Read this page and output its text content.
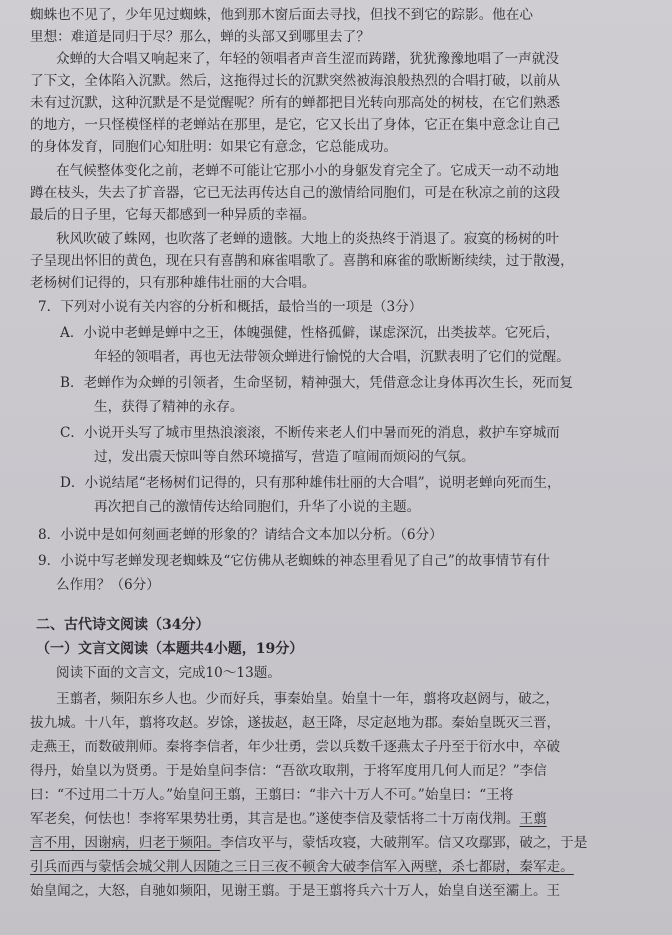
蜘蛛也不见了，少年见过蜘蛛，他到那木窗后面去寻找，但找不到它的踪影。他在心
里想：难道是同归于尽？那么，蝉的头部又到哪里去了？
众蝉的大合唱又响起来了，年轻的领唱者声音生涩而踌躇，犹犹豫豫地唱了一声就没
了下文，全体陷入沉默。然后，这拖得过长的沉默突然被海浪般热烈的合唱打破，以前从
未有过沉默，这种沉默是不是觉醒呢？所有的蝉都把目光转向那高处的树枝，在它们熟悉
的地方，一只怪模怪样的老蝉站在那里，是它，它又长出了身体，它正在集中意念让自己
的身体发育，同胞们心知肚明：如果它有意念，它总能成功。
在气候整体变化之前，老蝉不可能让它那小小的身躯发育完全了。它成天一动不动地
蹲在枝头，失去了扩音器，它已无法再传达自己的激情给同胞们，可是在秋凉之前的这段
最后的日子里，它每天都感到一种异质的幸福。
秋风吹破了蛛网，也吹落了老蝉的遗骸。大地上的炎热终于消退了。寂寞的杨树的叶
子呈现出怀旧的黄色，现在只有喜鹊和麻雀唱歌了。喜鹊和麻雀的歌断断续续，过于散漫，
老杨树们记得的，只有那种雄伟壮丽的大合唱。
7．下列对小说有关内容的分析和概括，最恰当的一项是（3分）
A．小说中老蝉是蝉中之王，体魄强健，性格孤僻，谋虑深沉，出类拔萃。它死后，
年轻的领唱者，再也无法带领众蝉进行愉悦的大合唱，沉默表明了它们的觉醒。
B．老蝉作为众蝉的引领者，生命坚韧，精神强大，凭借意念让身体再次生长，死而复
生，获得了精神的永存。
C．小说开头写了城市里热浪滚滚，不断传来老人们中暑而死的消息，救护车穿城而
过，发出震天惊叫等自然环境描写，营造了喧闹而烦闷的气氛。
D．小说结尾“老杨树们记得的，只有那种雄伟壮丽的大合唱”，说明老蝉向死而生，
再次把自己的激情传达给同胞们，升华了小说的主题。
8．小说中是如何刻画老蝉的形象的？请结合文本加以分析。（6分）
9．小说中写老蝉发现老蜘蛛及“它仿佛从老蜘蛛的神态里看见了自己”的故事情节有什
么作用？（6分）
二、古代诗文阅读（34分）
（一）文言文阅读（本题共4小题，19分）
阅读下面的文言文，完成10～13题。
王翦者，频阳东乡人也。少而好兵，事秦始皇。始皇十一年，翦将攻赵阏与，破之，
拔九城。十八年，翦将攻赵。岁馀，遂拔赵，赵王降，尽定赵地为郡。秦始皇既灭三晋，
走燕王，而数破荆师。秦将李信者，年少壮勇，尝以兵数千逐燕太子丹至于衍水中，卒破
得丹，始皇以为贤勇。于是始皇问李信：“吾欲攻取荆，于将军度用几何人而足？”李信
曰：“不过用二十万人。”始皇问王翦，王翦曰：“非六十万人不可。”始皇曰：“王将
军老矣，何怯也！李将军果势壮勇，其言是也。”遂使李信及蒙恬将二十万南伐荆。王翦
言不用，因谢病，归老于频阳。李信攻平与，蒙恬攻寝，大破荆军。信又攻鄢郢，破之，于是
引兵而西与蒙恬会城父荆人因随之三日三夜不顿舍大破李信军入两壁，杀七都尉，秦军走。
始皇闻之，大怒，自驰如频阳，见谢王翦。于是王翦将兵六十万人，始皇自送至灞上。王
